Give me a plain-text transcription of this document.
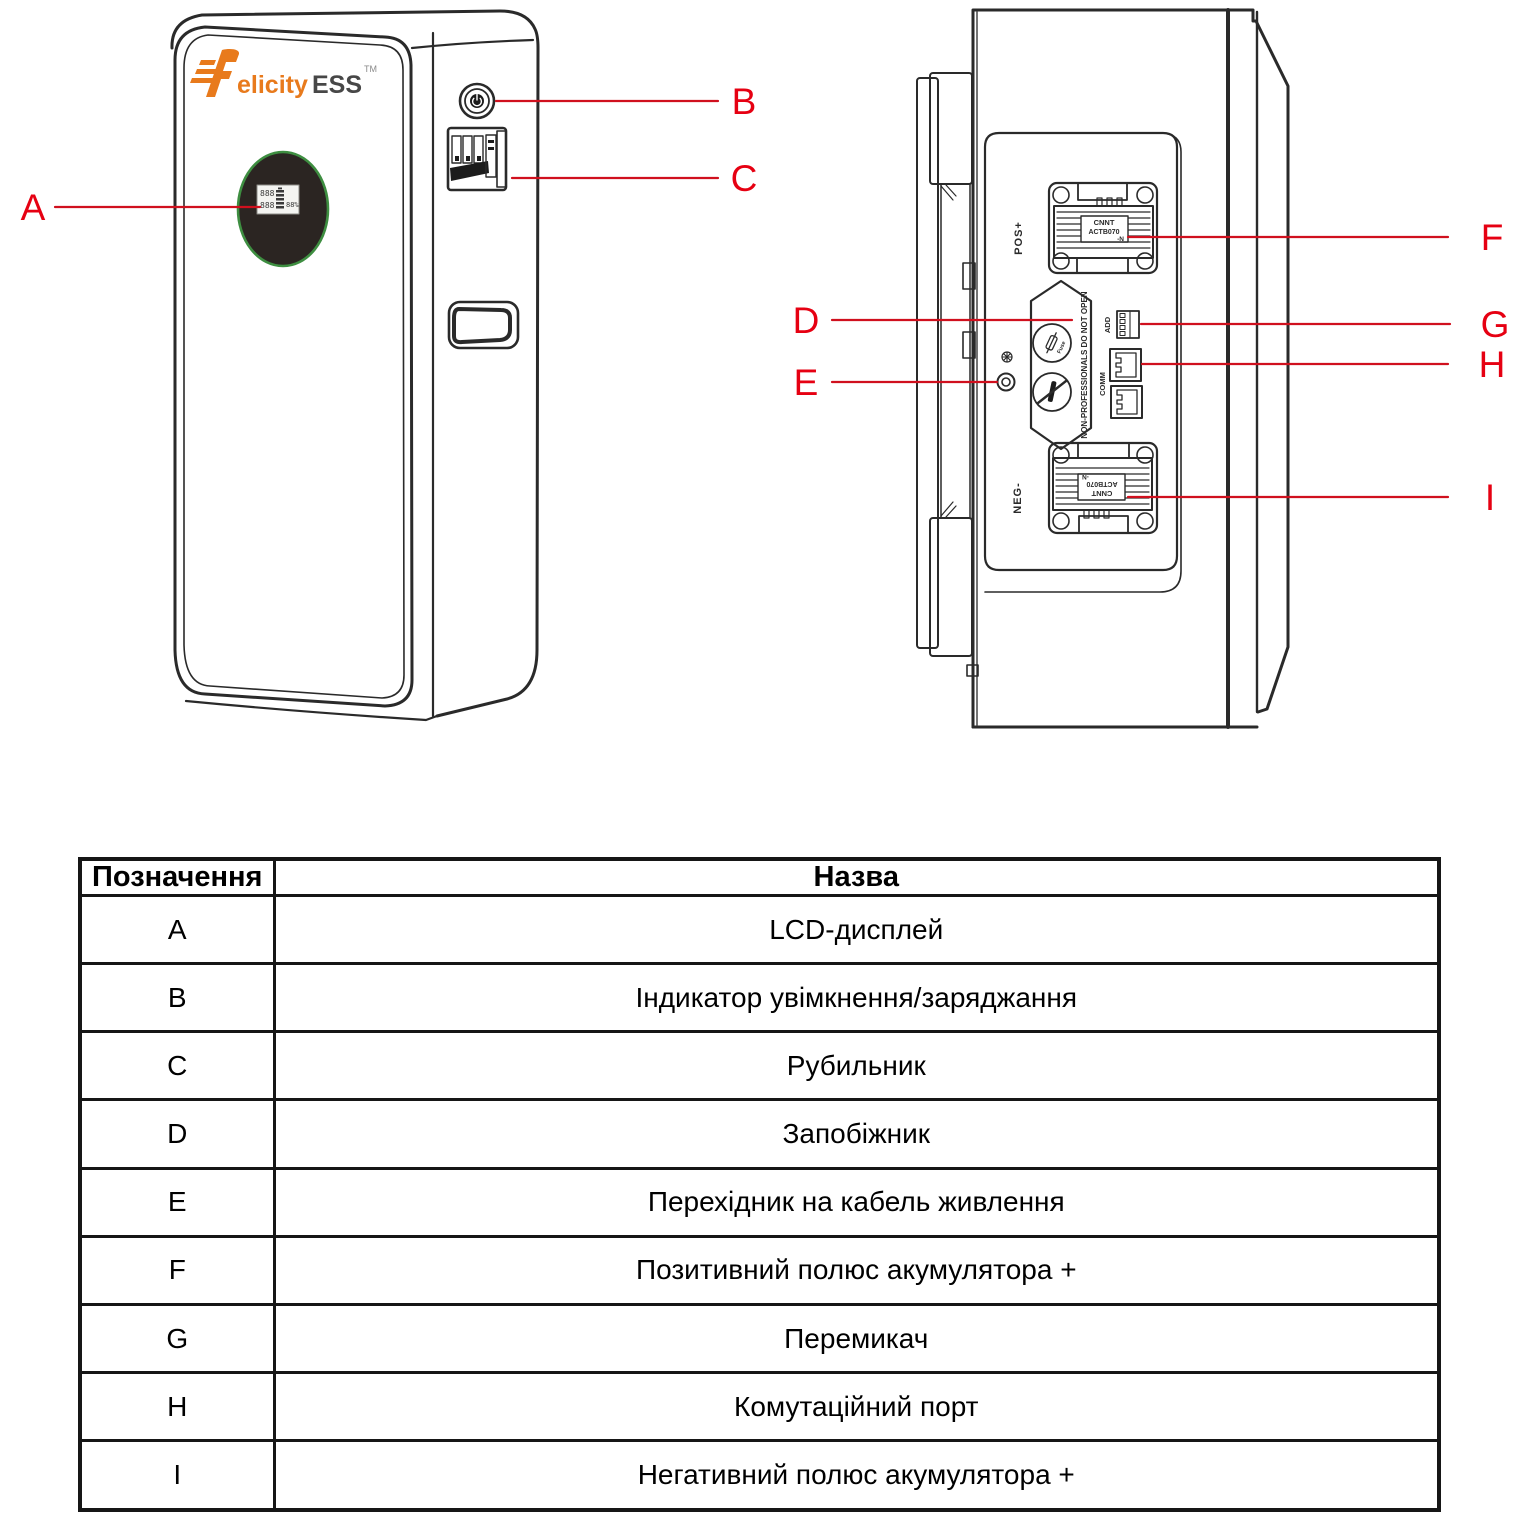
elicity ESS
TM
888
888 88%
POS+
NEG-
CNNT
ACTB070
-N
NON-PROFESSIONALS DO NOT OPEN
Fuse
ADD
COMM
A
B
C
D
E
F
G
H
I
Позначення	Назва
A	LCD-дисплей
B	Індикатор увімкнення/заряджання
C	Рубильник
D	Запобіжник
E	Перехідник на кабель живлення
F	Позитивний полюс акумулятора +
G	Перемикач
H	Комутаційний порт
I	Негативний полюс акумулятора +
